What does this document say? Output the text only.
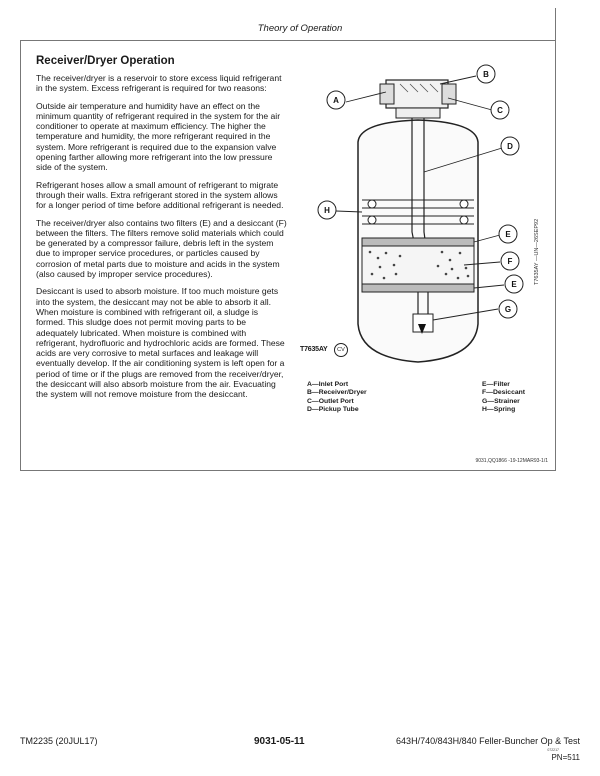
Theory of Operation
Receiver/Dryer Operation

The receiver/dryer is a reservoir to store excess liquid refrigerant in the system. Excess refrigerant is required for two reasons:

Outside air temperature and humidity have an effect on the minimum quantity of refrigerant required in the system for the air conditioner to operate at maximum efficiency. The higher the temperature and humidity, the more refrigerant required in the system. More refrigerant is required due to the expansion valve opening farther allowing more refrigerant into the low pressure side of the system.

Refrigerant hoses allow a small amount of refrigerant to migrate through their walls. Extra refrigerant stored in the system allows for a longer period of time before additional refrigerant is needed.

The receiver/dryer also contains two filters (E) and a desiccant (F) between the filters. The filters remove solid materials which could be generated by a compressor failure, debris left in the system due to improper service procedures, or particles caused by corrosion of metal parts due to moisture and acids in the system (also caused by improper service procedures).

Desiccant is used to absorb moisture. If too much moisture gets into the system, the desiccant may not be able to absorb it all. When moisture is combined with refrigerant oil, a sludge is formed. This sludge does not permit moving parts to be adequately lubricated. When moisture is combined with refrigerant, hydrofluoric and hydrochloric acids are formed. These acids are very corrosive to metal surfaces and leakage will eventually develop. If the air conditioning system is left open for a period of time or if the plugs are removed from the receiver/dryer, the desiccant will also absorb moisture from the air. Evacuating the system will not remove moisture from the desiccant.

A
B
C
D
H
E
F
E
G
T7635AY —UN—26SEP92
T7635AY	CV
A—Inlet Port
B—Receiver/Dryer
C—Outlet Port
D—Pickup Tube
E—Filter
F—Desiccant
G—Strainer
H—Spring
9031,QQ1866 -19-12MAR93-1/1
TM2235 (20JUL17)	9031-05-11	643H/740/843H/840 Feller-Buncher Op & Test
072217
PN=511
